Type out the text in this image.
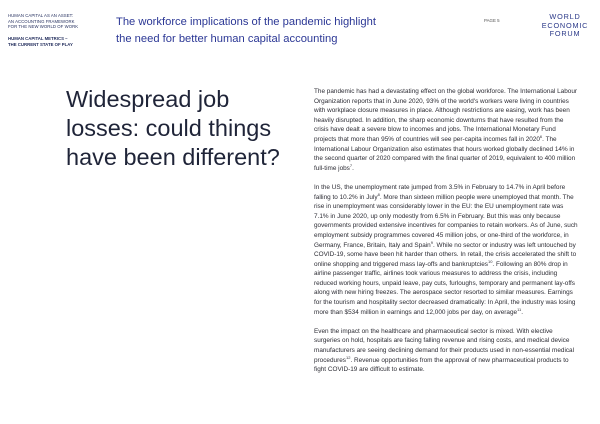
HUMAN CAPITAL AS AN ASSET:
AN ACCOUNTING FRAMEWORK
FOR THE NEW WORLD OF WORK
HUMAN CAPITAL METRICS –
THE CURRENT STATE OF PLAY
The workforce implications of the pandemic highlight
the need for better human capital accounting
PAGE 5	WORLD
ECONOMIC
FORUM
Widespread job losses: could things have been different?

The pandemic has had a devastating effect on the global workforce. The International Labour Organization reports that in June 2020, 93% of the world's workers were living in countries with workplace closure measures in place. Although restrictions are easing, work has been heavily disrupted. In addition, the sharp economic downturns that have resulted from the crisis have dealt a severe blow to incomes and jobs. The International Monetary Fund projects that more than 95% of countries will see per-capita incomes fall in 2020$^6$. The International Labour Organization also estimates that hours worked globally declined 14% in the second quarter of 2020 compared with the final quarter of 2019, equivalent to 400 million full-time jobs$^7$.

In the US, the unemployment rate jumped from 3.5% in February to 14.7% in April before falling to 10.2% in July$^8$. More than sixteen million people were unemployed that month. The rise in unemployment was considerably lower in the EU: the EU unemployment rate was 7.1% in June 2020, up only modestly from 6.5% in February. But this was only because governments provided extensive incentives for companies to retain workers. As of June, such employment subsidy programmes covered 45 million jobs, or one-third of the workforce, in Germany, France, Britain, Italy and Spain$^9$. While no sector or industry was left untouched by COVID-19, some have been hit harder than others. In retail, the crisis accelerated the shift to online shopping and triggered mass lay-offs and bankruptcies$^{10}$. Following an 80% drop in airline passenger traffic, airlines took various measures to address the crisis, including reduced working hours, unpaid leave, pay cuts, furloughs, temporary and permanent lay-offs along with new hiring freezes. The aerospace sector resorted to similar measures. Earnings for the tourism and hospitality sector decreased dramatically: In April, the industry was losing more than $534 million in earnings and 12,000 jobs per day, on average$^{11}$.

Even the impact on the healthcare and pharmaceutical sector is mixed. With elective surgeries on hold, hospitals are facing falling revenue and rising costs, and medical device manufacturers are seeing declining demand for their products used in non-essential medical procedures$^{12}$. Revenue opportunities from the approval of new pharmaceutical products to fight COVID-19 are difficult to estimate.
